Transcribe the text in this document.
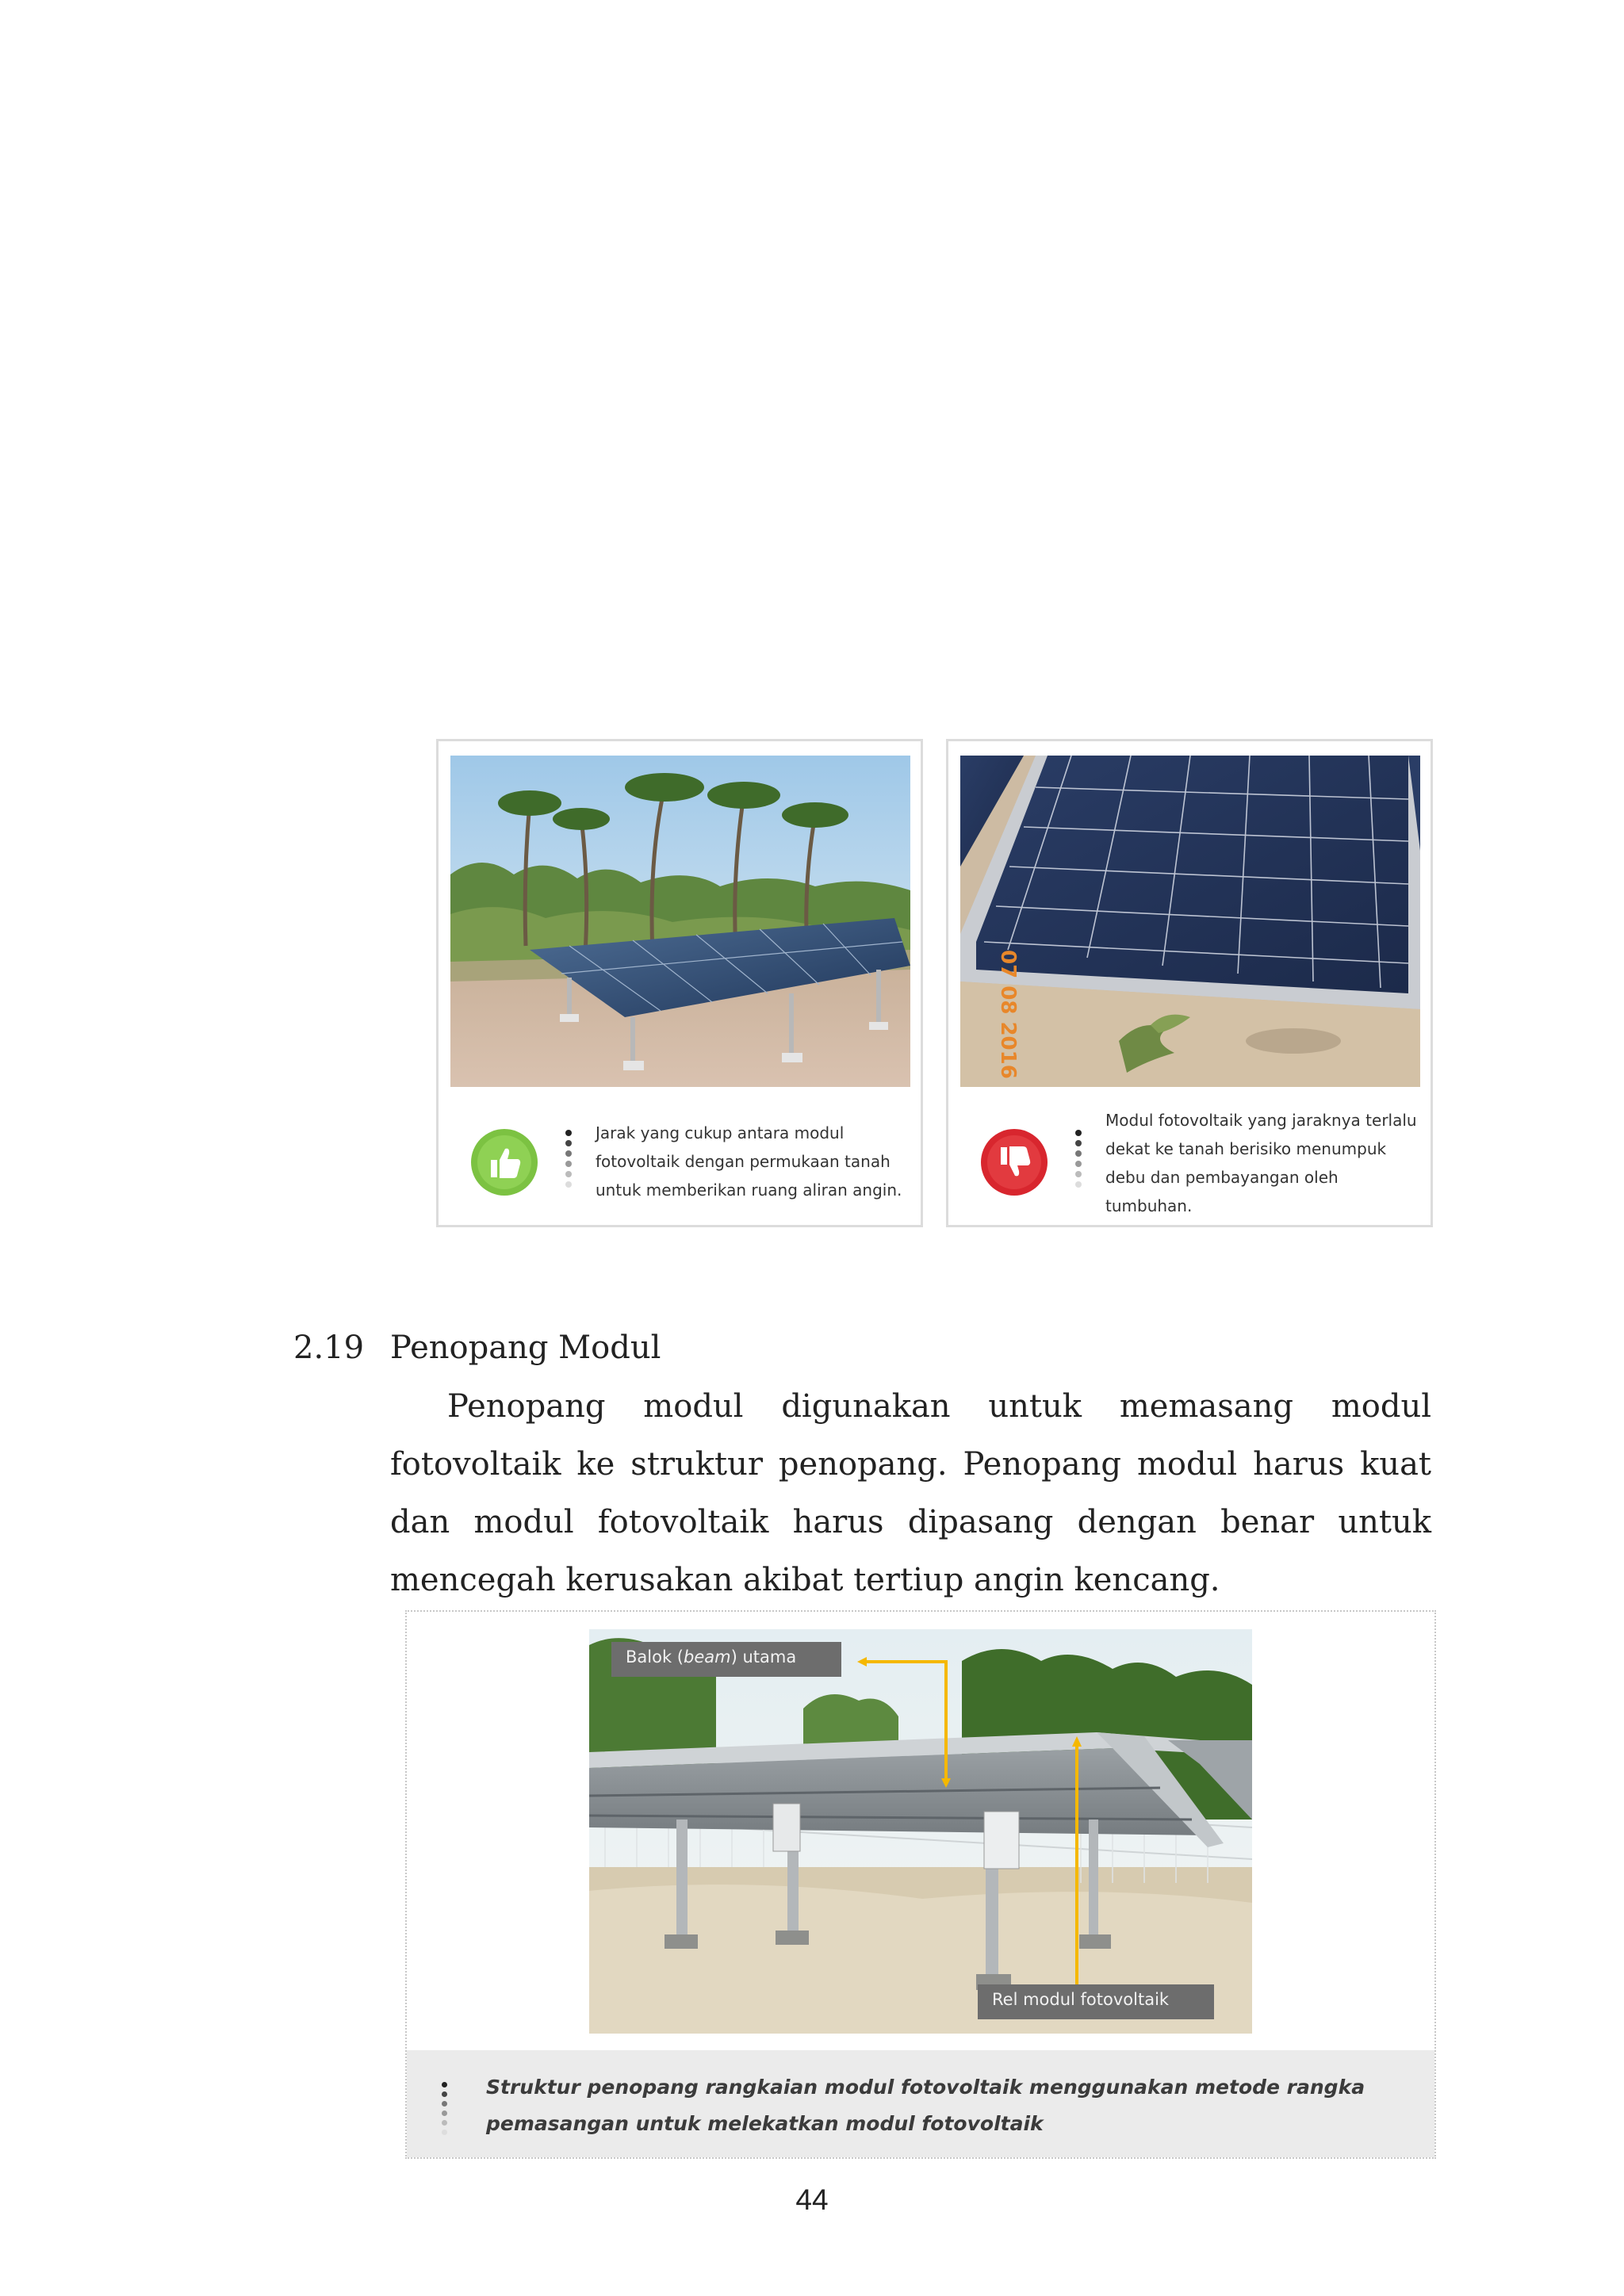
Jarak yang cukup antara modul fotovoltaik dengan permukaan tanah untuk memberikan ruang aliran angin.
07 08 2016
Modul fotovoltaik yang jaraknya terlalu dekat ke tanah berisiko menumpuk debu dan pembayangan oleh tumbuhan.
2.19 Penopang Modul

Penopang modul digunakan untuk memasang modul fotovoltaik ke struktur penopang. Penopang modul harus kuat dan modul fotovoltaik harus dipasang dengan benar untuk mencegah kerusakan akibat tertiup angin kencang.

Balok (beam) utama
Rel modul fotovoltaik
Struktur penopang rangkaian modul fotovoltaik menggunakan metode rangka pemasangan untuk melekatkan modul fotovoltaik
44
